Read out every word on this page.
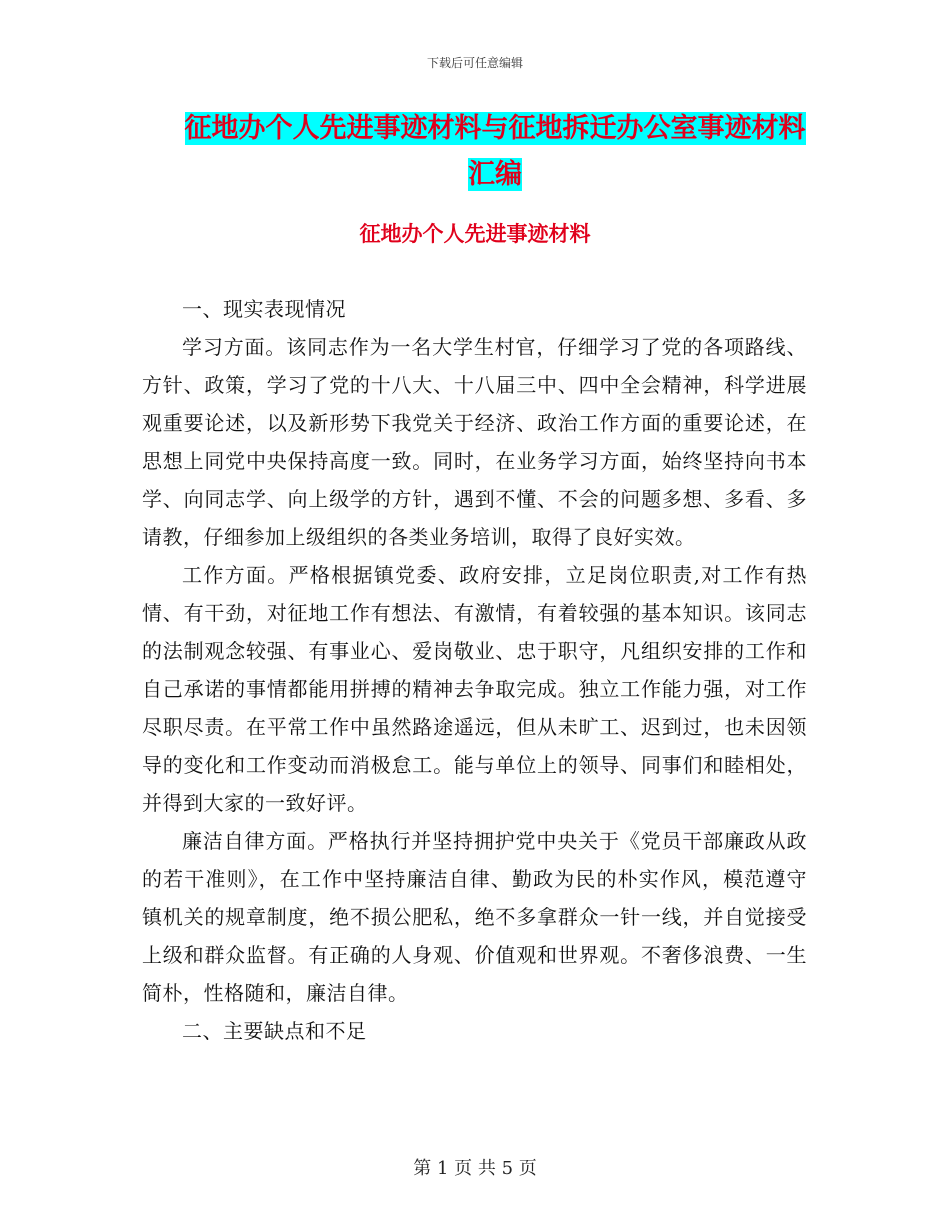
下载后可任意编辑
征地办个人先进事迹材料与征地拆迁办公室事迹材料
汇编
征地办个人先进事迹材料

一、现实表现情况

学习方面。该同志作为一名大学生村官，仔细学习了党的各项路线、方针、政策，学习了党的十八大、十八届三中、四中全会精神，科学进展观重要论述，以及新形势下我党关于经济、政治工作方面的重要论述，在思想上同党中央保持高度一致。同时，在业务学习方面，始终坚持向书本学、向同志学、向上级学的方针，遇到不懂、不会的问题多想、多看、多请教，仔细参加上级组织的各类业务培训，取得了良好实效。

工作方面。严格根据镇党委、政府安排，立足岗位职责,对工作有热情、有干劲，对征地工作有想法、有激情，有着较强的基本知识。该同志的法制观念较强、有事业心、爱岗敬业、忠于职守，凡组织安排的工作和自己承诺的事情都能用拼搏的精神去争取完成。独立工作能力强，对工作尽职尽责。在平常工作中虽然路途遥远，但从未旷工、迟到过，也未因领导的变化和工作变动而消极怠工。能与单位上的领导、同事们和睦相处，并得到大家的一致好评。

廉洁自律方面。严格执行并坚持拥护党中央关于《党员干部廉政从政的若干准则》，在工作中坚持廉洁自律、勤政为民的朴实作风，模范遵守镇机关的规章制度，绝不损公肥私，绝不多拿群众一针一线，并自觉接受上级和群众监督。有正确的人身观、价值观和世界观。不奢侈浪费、一生简朴，性格随和，廉洁自律。

二、主要缺点和不足

第 1 页 共 5 页
